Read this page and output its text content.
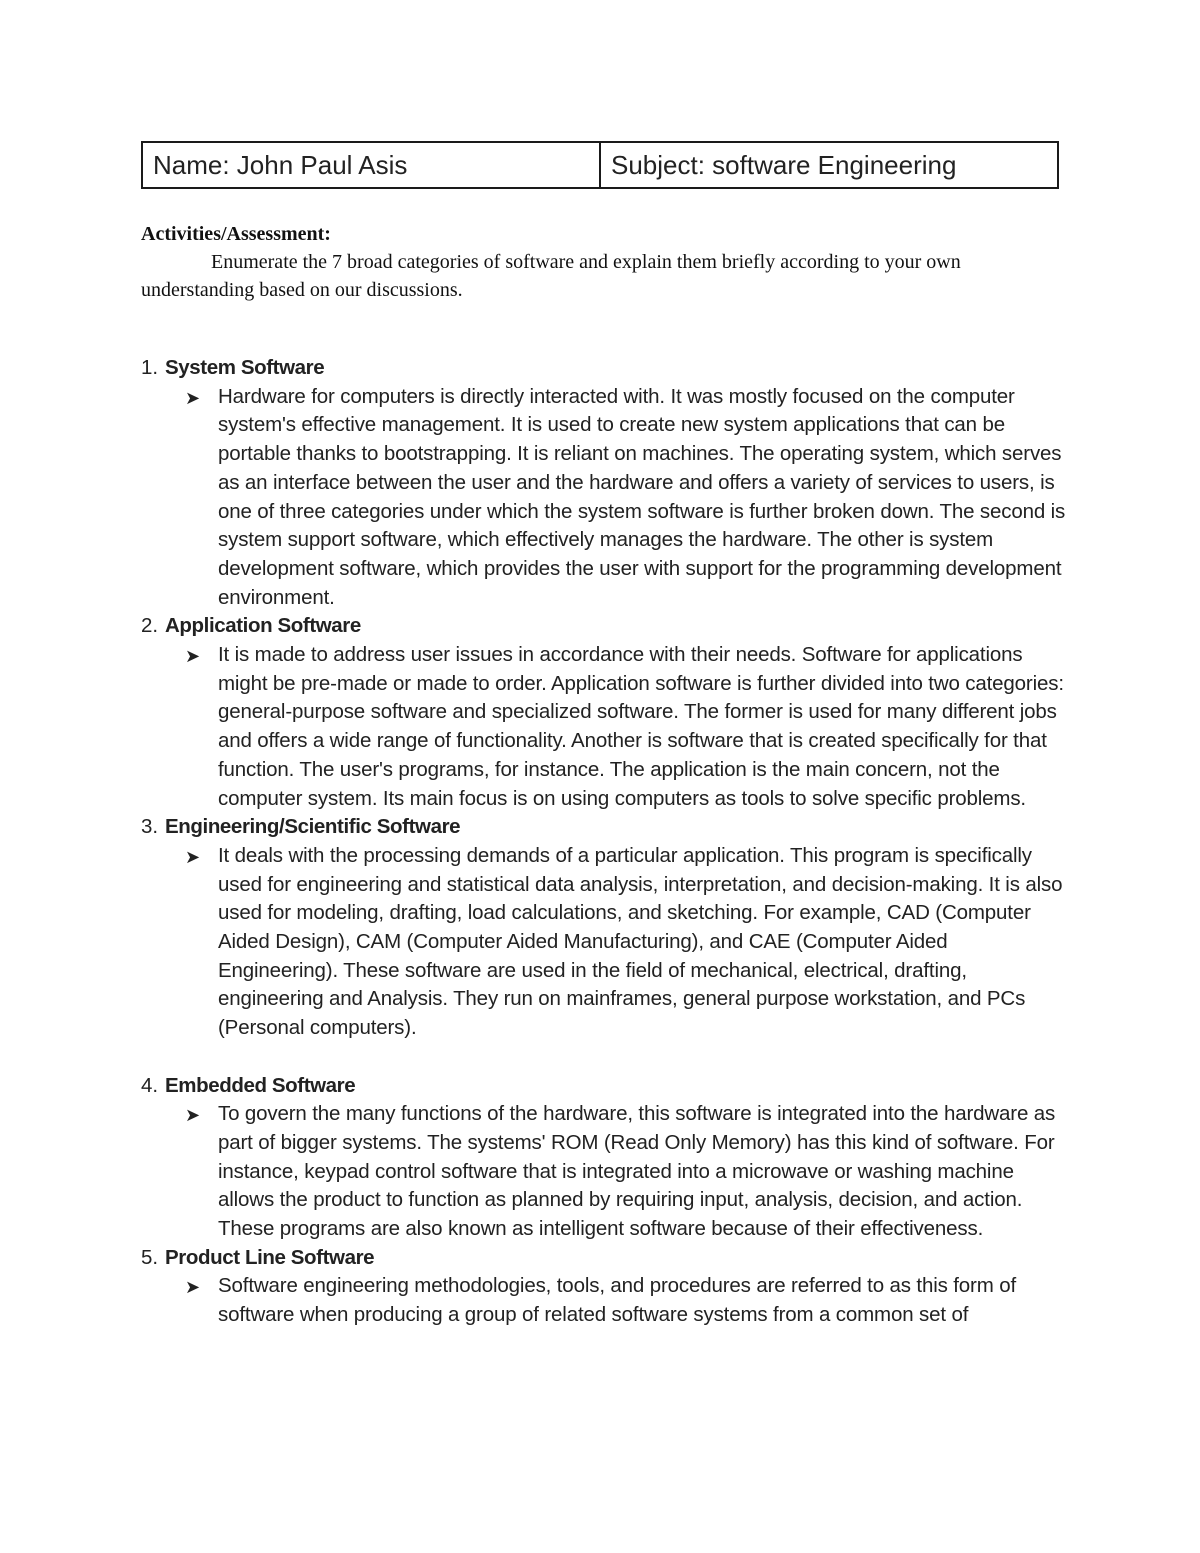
Name: John Paul Asis	Subject: software Engineering
Activities/Assessment:
Enumerate the 7 broad categories of software and explain them briefly according to your own understanding based on our discussions.
1. System Software
➤ Hardware for computers is directly interacted with. It was mostly focused on the computer system's effective management. It is used to create new system applications that can be portable thanks to bootstrapping. It is reliant on machines. The operating system, which serves as an interface between the user and the hardware and offers a variety of services to users, is one of three categories under which the system software is further broken down. The second is system support software, which effectively manages the hardware. The other is system development software, which provides the user with support for the programming development environment.
2. Application Software
➤ It is made to address user issues in accordance with their needs. Software for applications might be pre-made or made to order. Application software is further divided into two categories: general-purpose software and specialized software. The former is used for many different jobs and offers a wide range of functionality. Another is software that is created specifically for that function. The user's programs, for instance. The application is the main concern, not the computer system. Its main focus is on using computers as tools to solve specific problems.
3. Engineering/Scientific Software
➤ It deals with the processing demands of a particular application. This program is specifically used for engineering and statistical data analysis, interpretation, and decision-making. It is also used for modeling, drafting, load calculations, and sketching. For example, CAD (Computer Aided Design), CAM (Computer Aided Manufacturing), and CAE (Computer Aided Engineering). These software are used in the field of mechanical, electrical, drafting, engineering and Analysis. They run on mainframes, general purpose workstation, and PCs (Personal computers).
4. Embedded Software
➤ To govern the many functions of the hardware, this software is integrated into the hardware as part of bigger systems. The systems' ROM (Read Only Memory) has this kind of software. For instance, keypad control software that is integrated into a microwave or washing machine allows the product to function as planned by requiring input, analysis, decision, and action. These programs are also known as intelligent software because of their effectiveness.
5. Product Line Software
➤ Software engineering methodologies, tools, and procedures are referred to as this form of software when producing a group of related software systems from a common set of
